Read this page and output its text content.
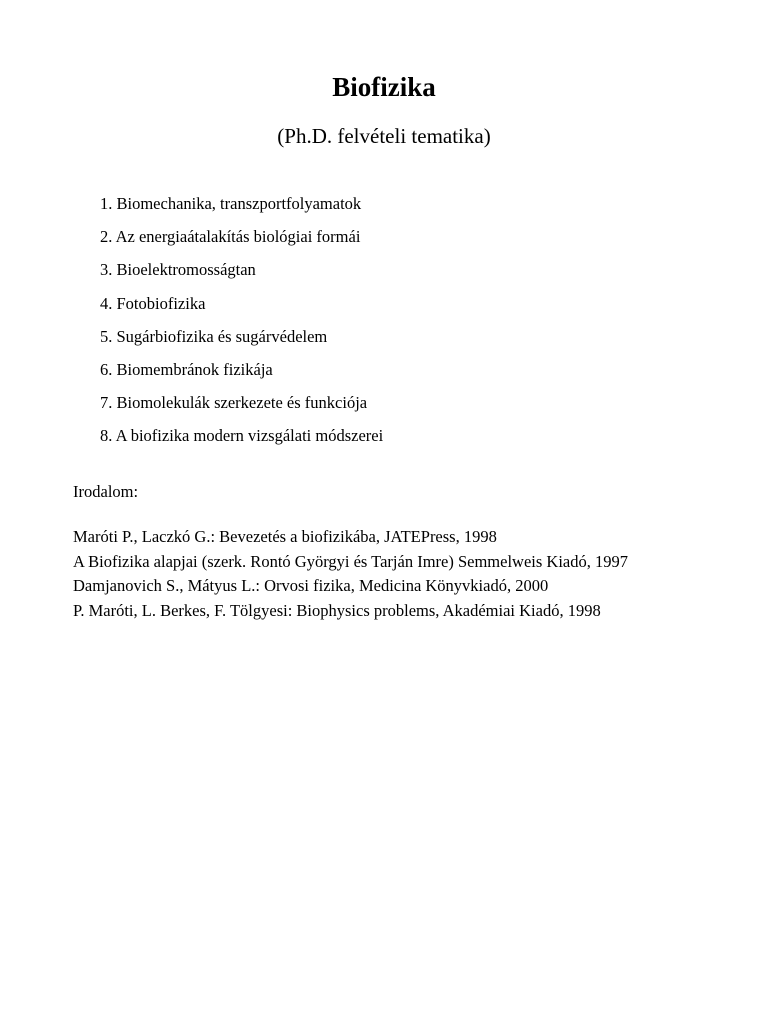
Biofizika
(Ph.D. felvételi tematika)
1. Biomechanika, transzportfolyamatok
2. Az energiaátalakítás biológiai formái
3. Bioelektromosságtan
4. Fotobiofizika
5. Sugárbiofizika és sugárvédelem
6. Biomembránok fizikája
7. Biomolekulák szerkezete és funkciója
8. A biofizika modern vizsgálati módszerei

Irodalom:

Maróti P., Laczkó G.: Bevezetés a biofizikába, JATEPress, 1998
A Biofizika alapjai (szerk. Rontó Györgyi és Tarján Imre) Semmelweis Kiadó, 1997
Damjanovich S., Mátyus L.: Orvosi fizika, Medicina Könyvkiadó, 2000
P. Maróti, L. Berkes, F. Tölgyesi: Biophysics problems, Akadémiai Kiadó, 1998
